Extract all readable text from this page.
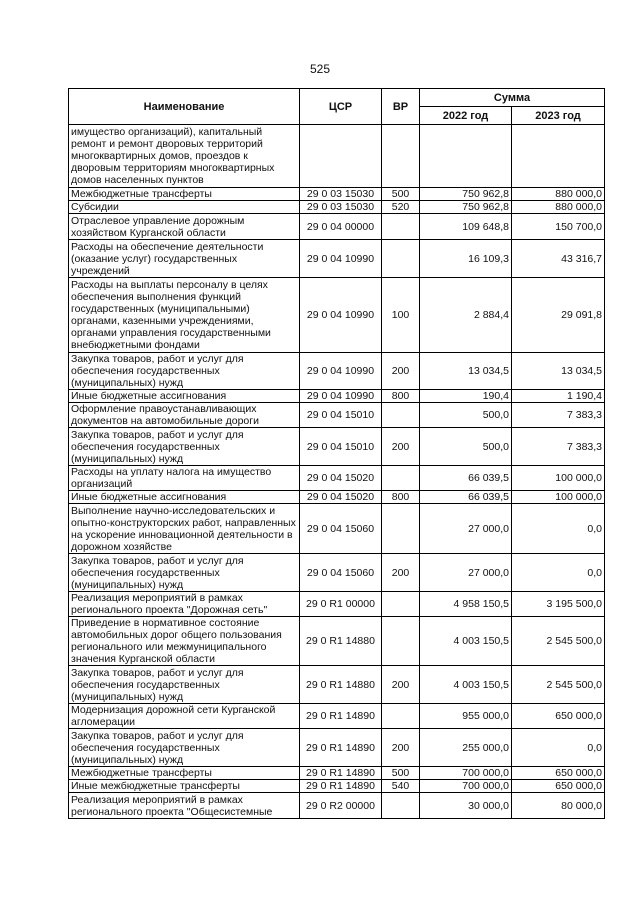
525
Наименование	ЦСР	ВР	Сумма	
			2022 год	2023 год
имущество организаций), капитальный ремонт и ремонт дворовых территорий многоквартирных домов, проездов к дворовым территориям многоквартирных домов населенных пунктов				
Межбюджетные трансферты	29 0 03 15030	500	750 962,8	880 000,0
Субсидии	29 0 03 15030	520	750 962,8	880 000,0
Отраслевое управление дорожным хозяйством Курганской области	29 0 04 00000		109 648,8	150 700,0
Расходы на обеспечение деятельности (оказание услуг) государственных учреждений	29 0 04 10990		16 109,3	43 316,7
Расходы на выплаты персоналу в целях обеспечения выполнения функций государственных (муниципальными) органами, казенными учреждениями, органами управления государственными внебюджетными фондами	29 0 04 10990	100	2 884,4	29 091,8
Закупка товаров, работ и услуг для обеспечения государственных (муниципальных) нужд	29 0 04 10990	200	13 034,5	13 034,5
Иные бюджетные ассигнования	29 0 04 10990	800	190,4	1 190,4
Оформление правоустанавливающих документов на автомобильные дороги	29 0 04 15010		500,0	7 383,3
Закупка товаров, работ и услуг для обеспечения государственных (муниципальных) нужд	29 0 04 15010	200	500,0	7 383,3
Расходы на уплату налога на имущество организаций	29 0 04 15020		66 039,5	100 000,0
Иные бюджетные ассигнования	29 0 04 15020	800	66 039,5	100 000,0
Выполнение научно-исследовательских и опытно-конструкторских работ, направленных на ускорение инновационной деятельности в дорожном хозяйстве	29 0 04 15060		27 000,0	0,0
Закупка товаров, работ и услуг для обеспечения государственных (муниципальных) нужд	29 0 04 15060	200	27 000,0	0,0
Реализация мероприятий в рамках регионального проекта "Дорожная сеть"	29 0 R1 00000		4 958 150,5	3 195 500,0
Приведение в нормативное состояние автомобильных дорог общего пользования регионального или межмуниципального значения Курганской области	29 0 R1 14880		4 003 150,5	2 545 500,0
Закупка товаров, работ и услуг для обеспечения государственных (муниципальных) нужд	29 0 R1 14880	200	4 003 150,5	2 545 500,0
Модернизация дорожной сети Курганской агломерации	29 0 R1 14890		955 000,0	650 000,0
Закупка товаров, работ и услуг для обеспечения государственных (муниципальных) нужд	29 0 R1 14890	200	255 000,0	0,0
Межбюджетные трансферты	29 0 R1 14890	500	700 000,0	650 000,0
Иные межбюджетные трансферты	29 0 R1 14890	540	700 000,0	650 000,0
Реализация мероприятий в рамках регионального проекта "Общесистемные	29 0 R2 00000		30 000,0	80 000,0
